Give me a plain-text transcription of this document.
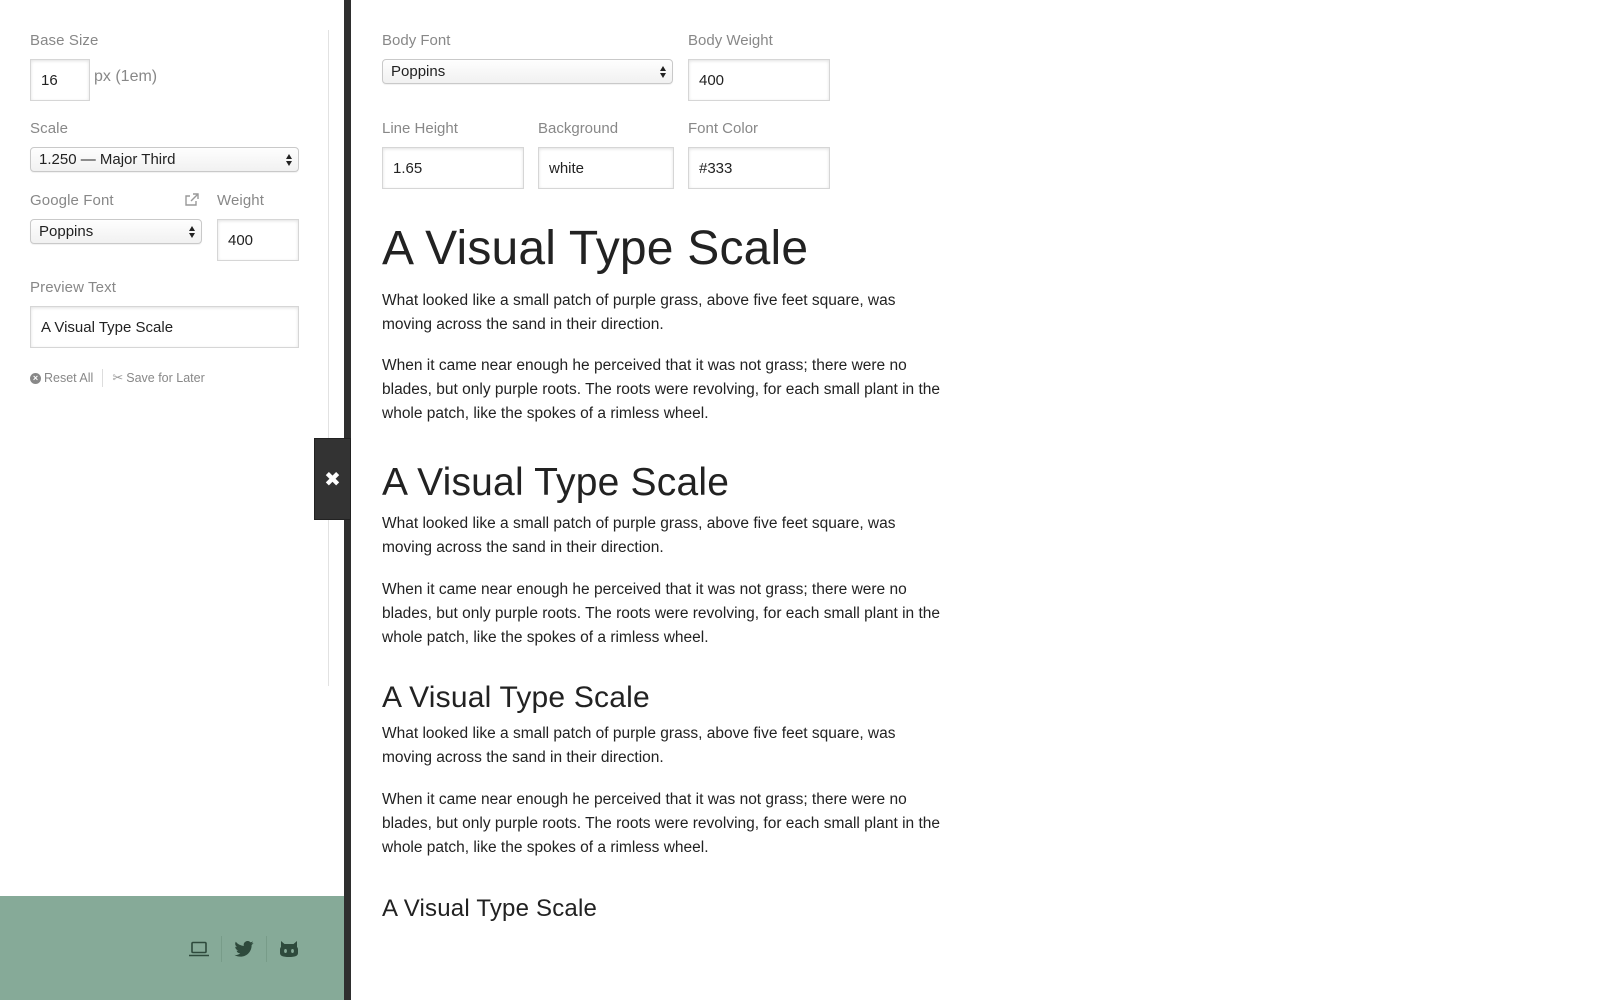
Base Size
16
px (1em)
Scale
1.250 — Major Third
Google Font
Poppins
Weight
400
Preview Text
A Visual Type Scale
× Reset All ✂ Save for Later
✖
Body Font
Poppins
Body Weight
400
Line Height
1.65	Background
white	Font Color
#333
A Visual Type Scale

What looked like a small patch of purple grass, above five feet square, was moving across the sand in their direction.

When it came near enough he perceived that it was not grass; there were no blades, but only purple roots. The roots were revolving, for each small plant in the whole patch, like the spokes of a rimless wheel.

A Visual Type Scale

What looked like a small patch of purple grass, above five feet square, was moving across the sand in their direction.

When it came near enough he perceived that it was not grass; there were no blades, but only purple roots. The roots were revolving, for each small plant in the whole patch, like the spokes of a rimless wheel.

A Visual Type Scale

What looked like a small patch of purple grass, above five feet square, was moving across the sand in their direction.

When it came near enough he perceived that it was not grass; there were no blades, but only purple roots. The roots were revolving, for each small plant in the whole patch, like the spokes of a rimless wheel.

A Visual Type Scale
